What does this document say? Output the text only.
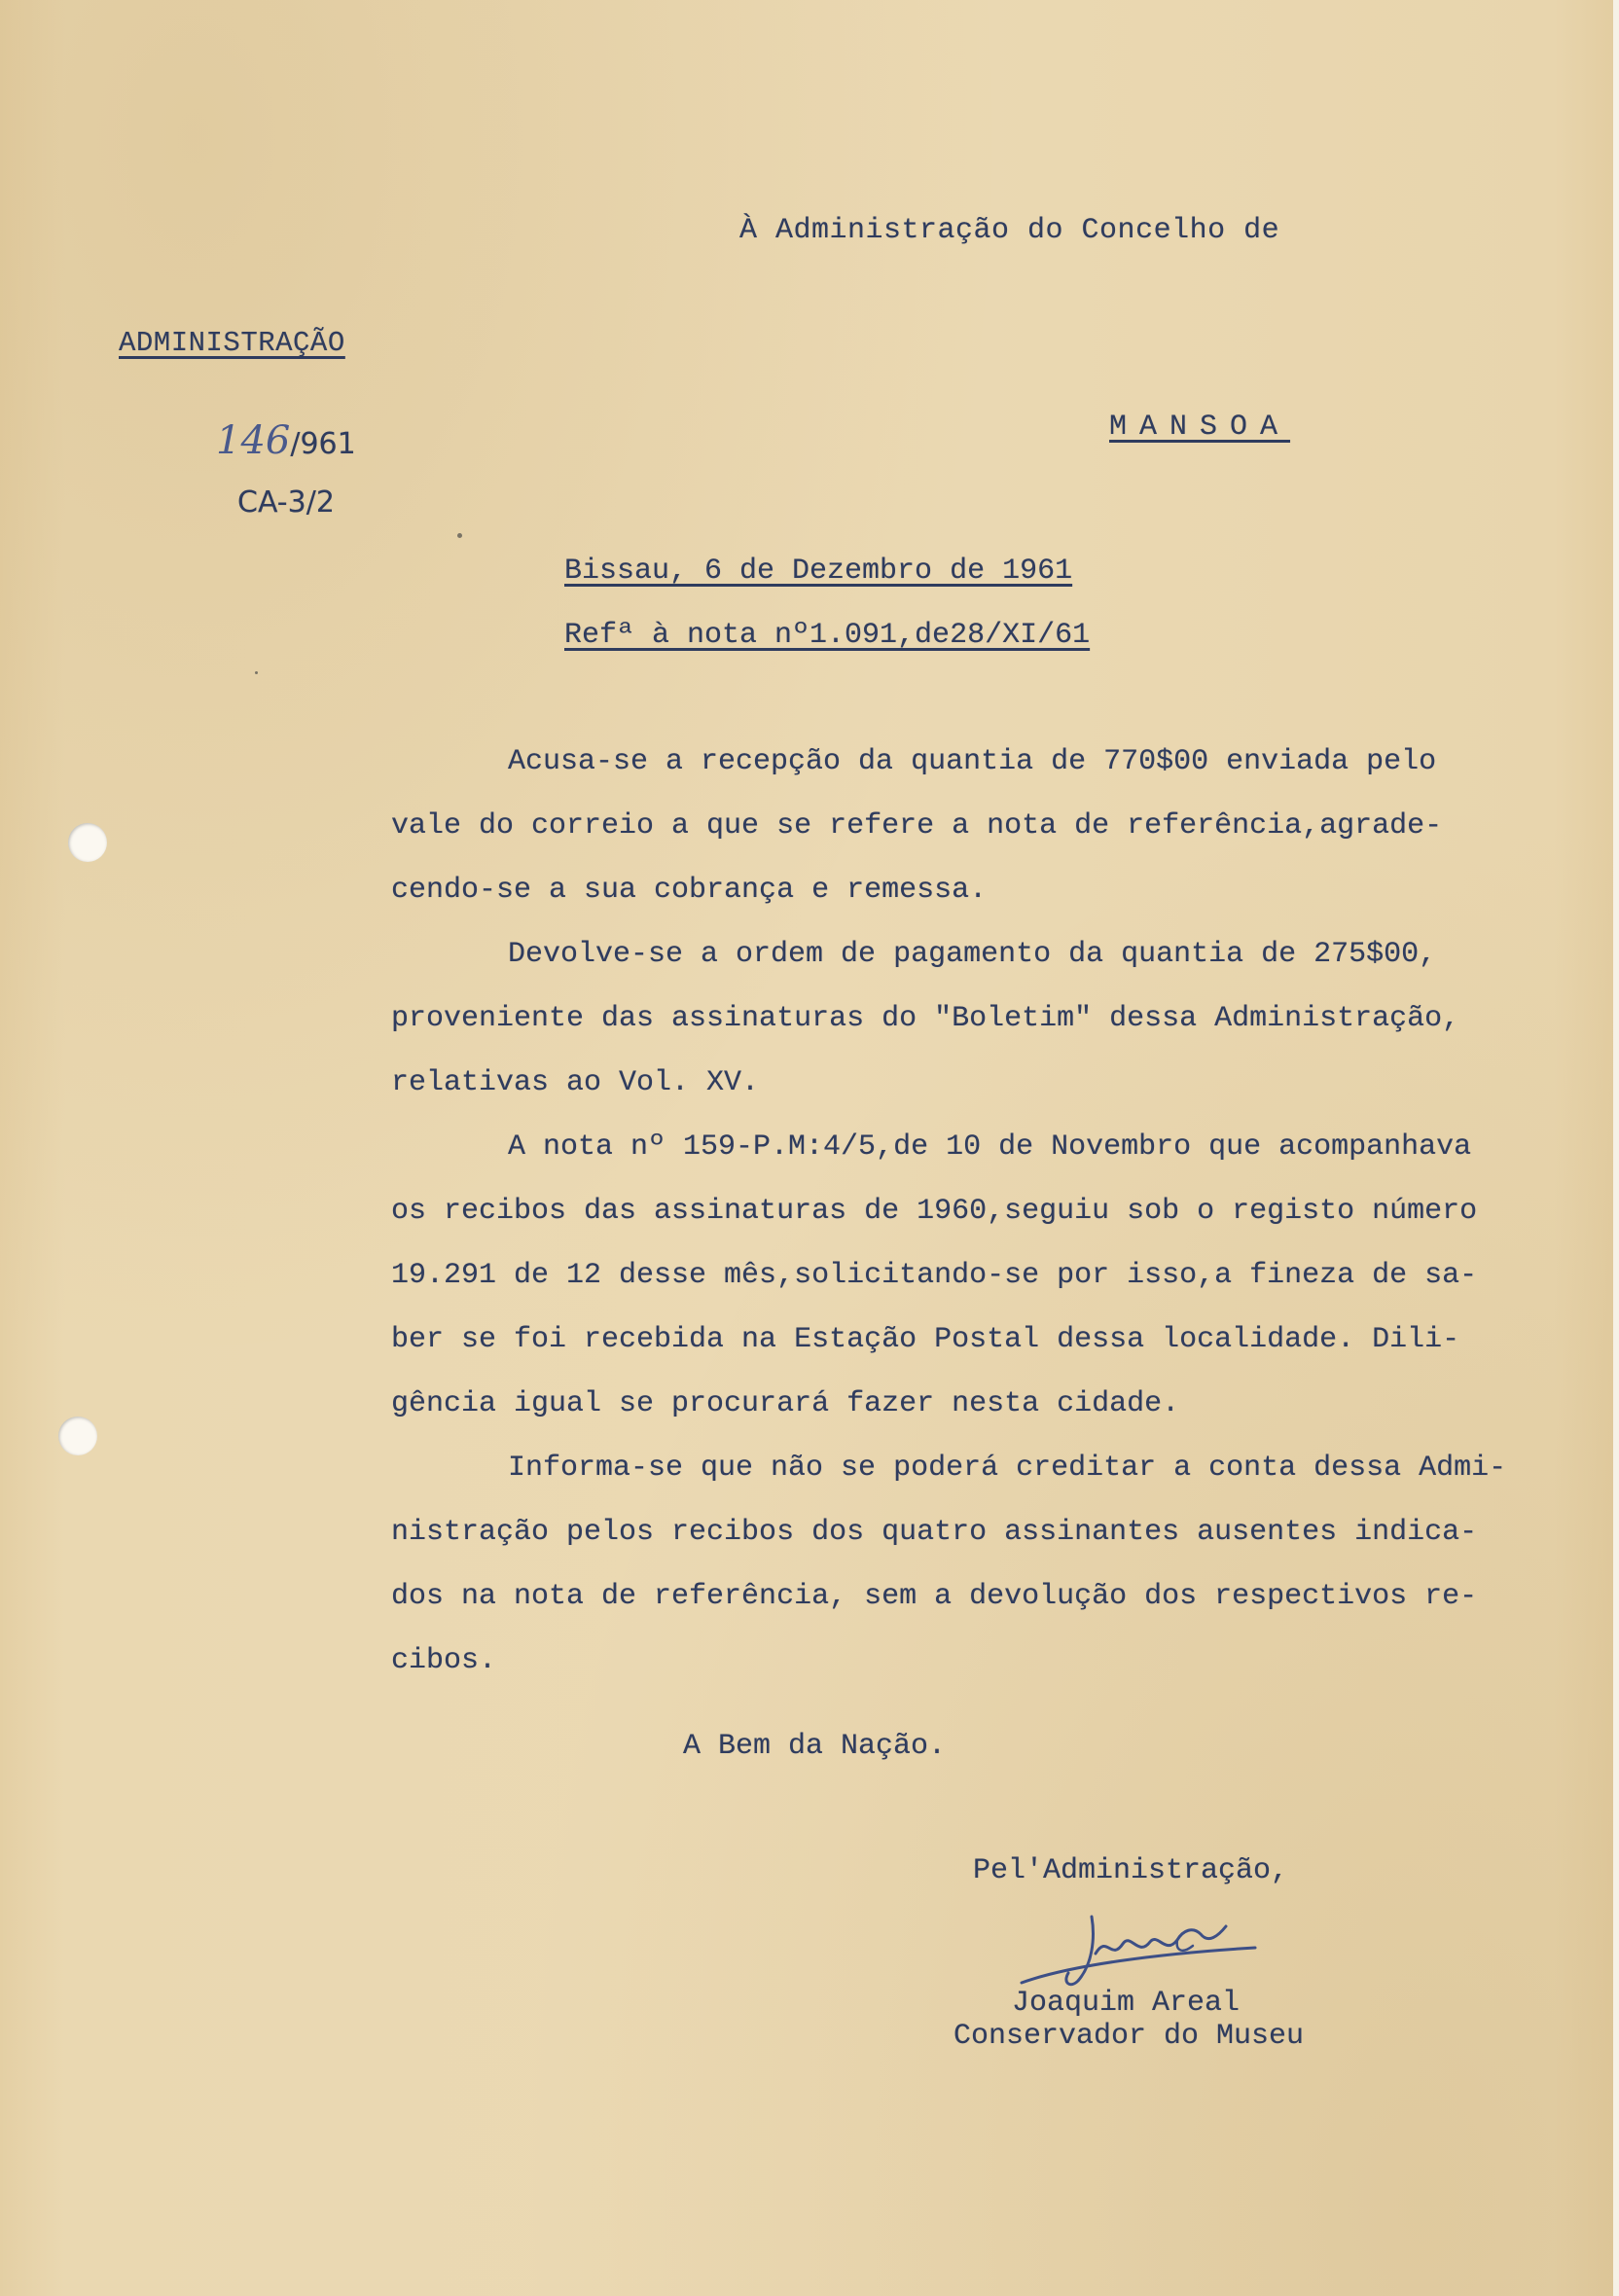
À Administração do Concelho de

ADMINISTRAÇÃO

146/961

CA-3/2

MANSOA

Bissau, 6 de Dezembro de 1961

Refª à nota nº1.091,de28/XI/61

Acusa-se a recepção da quantia de 770$00 enviada pelo

vale do correio a que se refere a nota de referência,agrade-

cendo-se a sua cobrança e remessa.

Devolve-se a ordem de pagamento da quantia de 275$00,

proveniente das assinaturas do "Boletim" dessa Administração,

relativas ao Vol. XV.

A nota nº 159-P.M:4/5,de 10 de Novembro que acompanhava

os recibos das assinaturas de 1960,seguiu sob o registo número

19.291 de 12 desse mês,solicitando-se por isso,a fineza de sa-

ber se foi recebida na Estação Postal dessa localidade. Dili-

gência igual se procurará fazer nesta cidade.

Informa-se que não se poderá creditar a conta dessa Admi-

nistração pelos recibos dos quatro assinantes ausentes indica-

dos na nota de referência, sem a devolução dos respectivos re-

cibos.

A Bem da Nação.

Pel'Administração,

Joaquim Areal

Conservador do Museu
